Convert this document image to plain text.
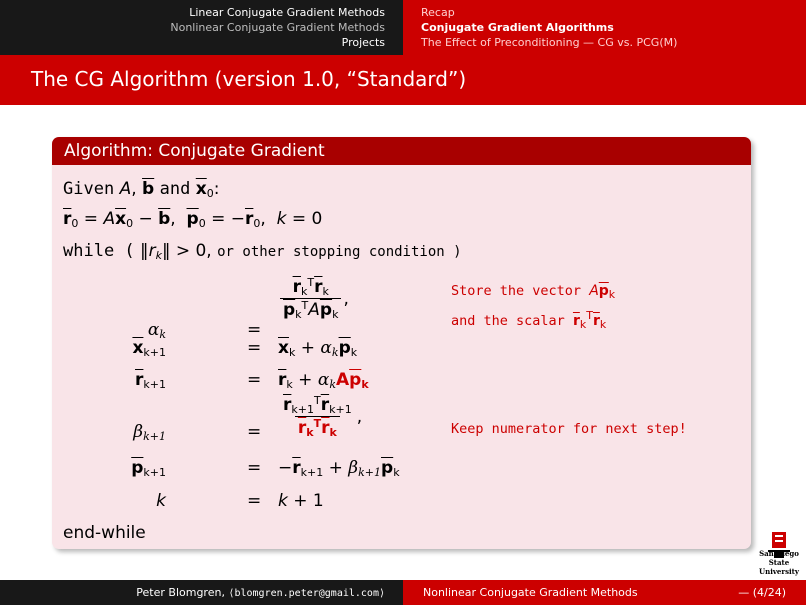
Linear Conjugate Gradient Methods
Nonlinear Conjugate Gradient Methods
Projects
Recap
Conjugate Gradient Algorithms
The Effect of Preconditioning — CG vs. PCG(M)
The CG Algorithm (version 1.0, “Standard”)
Algorithm: Conjugate Gradient
Given A, $\overline{b}$ and $\overline{x}_0$:
$\overline{r}_0 = A\overline{x}_0 - \overline{b}$,  $\overline{p}_0 = -\overline{r}_0$,  k = 0
while ( $‖r_k‖ > 0$, or other stopping condition )
$\alpha_k$	=
$\frac{\overline{r}_k^T\overline{r}_k}{\overline{p}_k^TA\overline{p}_k}$ ,	Store the vector $A\overline{p}_k$
and the scalar $\overline{r}_k^T\overline{r}_k$
$\overline{x}_{k+1}$	= $\overline{x}_k + \alpha_k\overline{p}_k$
$\overline{r}_{k+1}$	= $\overline{r}_k + \alpha_kA\overline{p}_k$
$\beta_{k+1}$	= $\frac{\overline{r}_{k+1}^T\overline{r}_{k+1}}{\overline{r}_k^T\overline{r}_k}$ ,
Keep numerator for next step!
$\overline{p}_{k+1}$	= $-\overline{r}_{k+1} + \beta_{k+1}\overline{p}_k$
k	= k + 1
end-while
San Diego State
University
Peter Blomgren, ⟨blomgren.peter@gmail.com⟩	Nonlinear Conjugate Gradient Methods	— (4/24)
